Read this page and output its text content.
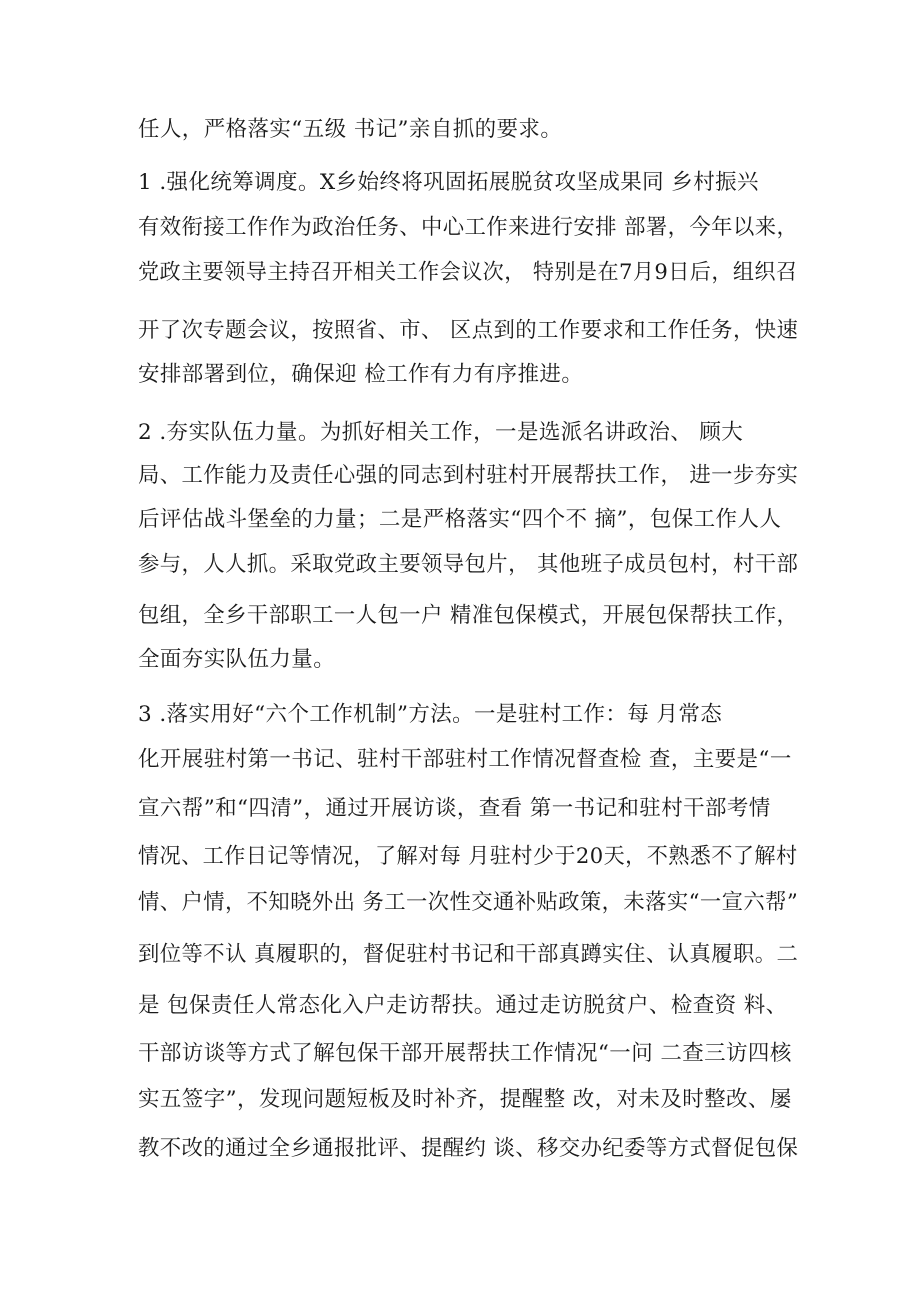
任人，严格落实“五级 书记”亲自抓的要求。
1 .强化统筹调度。X乡始终将巩固拓展脱贫攻坚成果同 乡村振兴
有效衔接工作作为政治任务、中心工作来进行安排 部署，今年以来，
党政主要领导主持召开相关工作会议次， 特别是在7月9日后，组织召
开了次专题会议，按照省、市、 区点到的工作要求和工作任务，快速
安排部署到位，确保迎 检工作有力有序推进。
2 .夯实队伍力量。为抓好相关工作，一是选派名讲政治、 顾大
局、工作能力及责任心强的同志到村驻村开展帮扶工作， 进一步夯实
后评估战斗堡垒的力量；二是严格落实“四个不 摘”，包保工作人人
参与，人人抓。采取党政主要领导包片， 其他班子成员包村，村干部
包组，全乡干部职工一人包一户 精准包保模式，开展包保帮扶工作，
全面夯实队伍力量。
3 .落实用好“六个工作机制”方法。一是驻村工作：每 月常态
化开展驻村第一书记、驻村干部驻村工作情况督查检 查，主要是“一
宣六帮”和“四清”，通过开展访谈，查看 第一书记和驻村干部考情
情况、工作日记等情况，了解对每 月驻村少于20天，不熟悉不了解村
情、户情，不知晓外出 务工一次性交通补贴政策，未落实“一宣六帮”
到位等不认 真履职的，督促驻村书记和干部真蹲实住、认真履职。二
是 包保责任人常态化入户走访帮扶。通过走访脱贫户、检查资 料、
干部访谈等方式了解包保干部开展帮扶工作情况“一问 二查三访四核
实五签字”，发现问题短板及时补齐，提醒整 改，对未及时整改、屡
教不改的通过全乡通报批评、提醒约 谈、移交办纪委等方式督促包保
